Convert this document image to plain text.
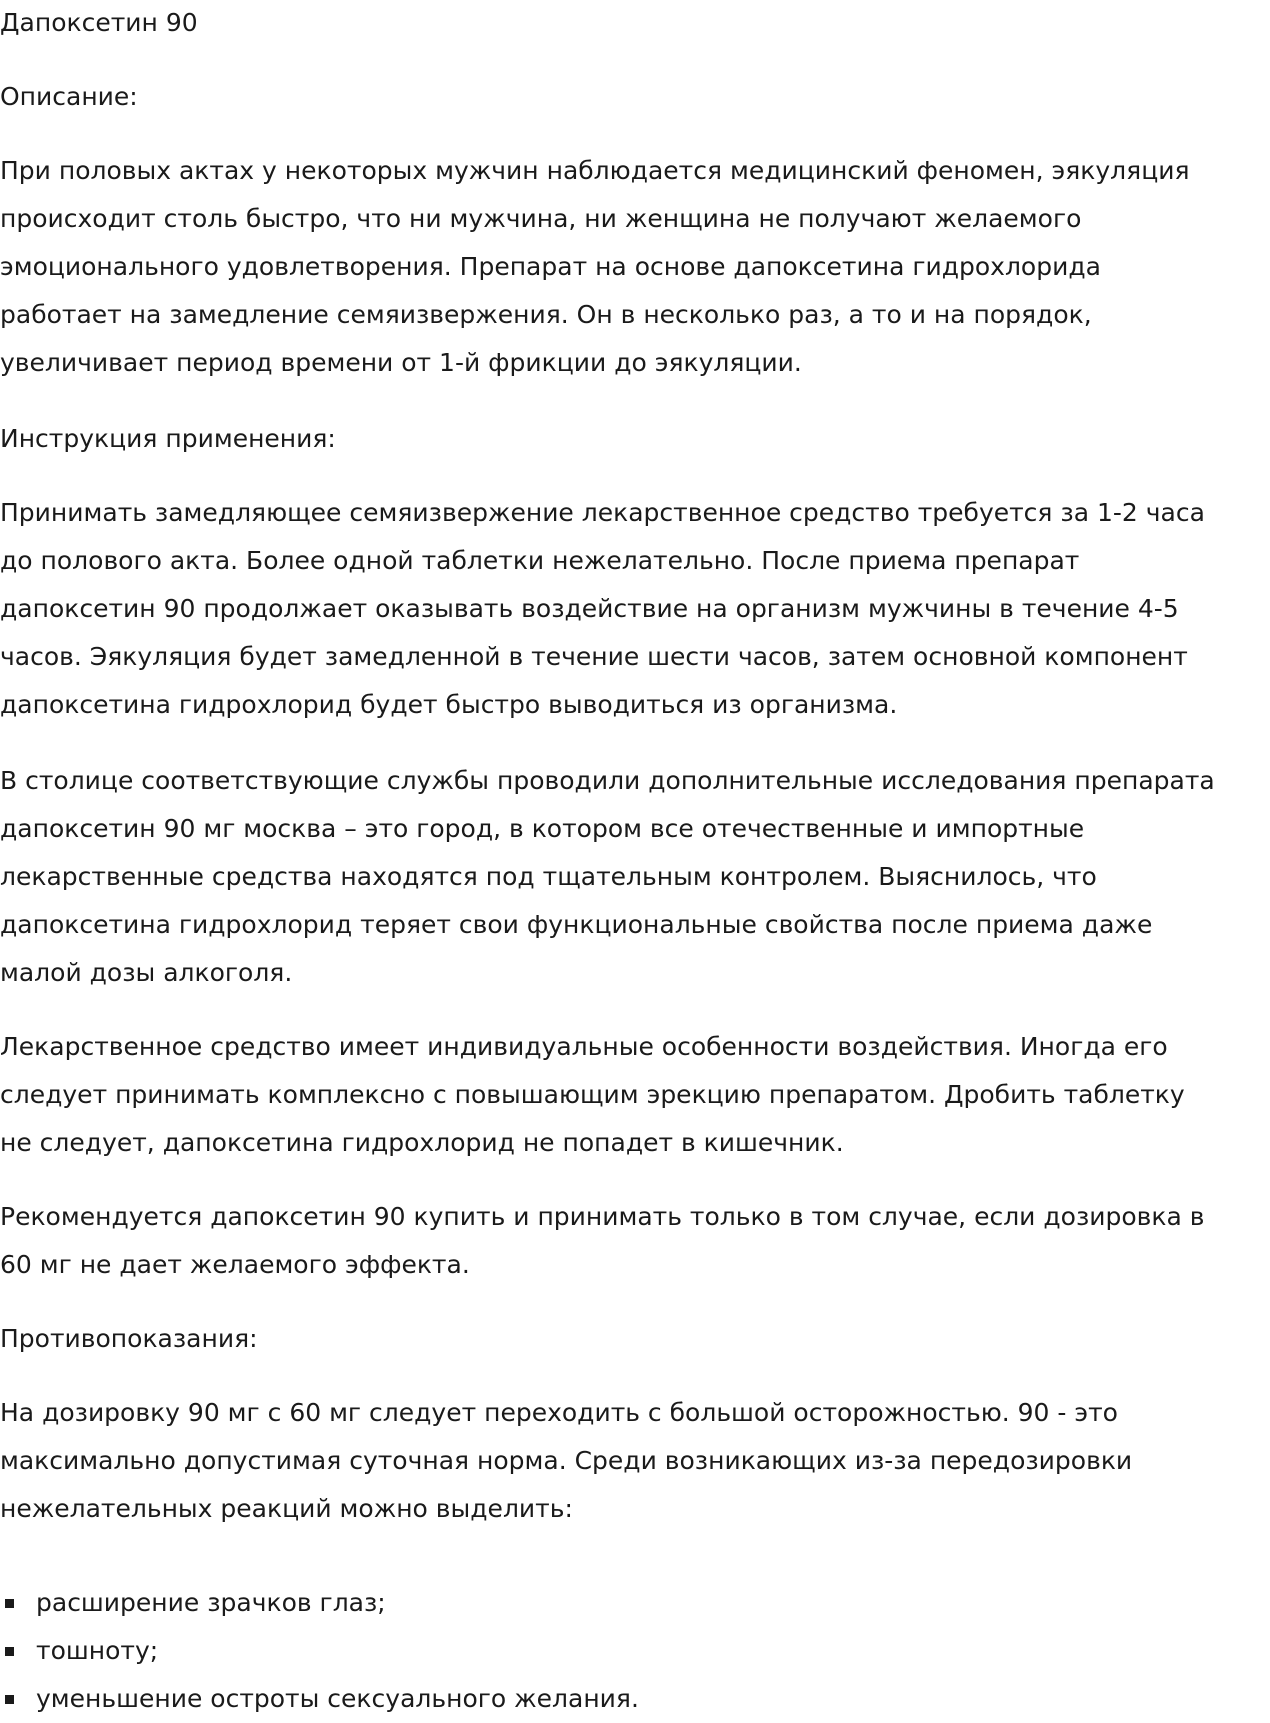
Дапоксетин 90
Описание:
При половых актах у некоторых мужчин наблюдается медицинский феномен, эякуляция
происходит столь быстро, что ни мужчина, ни женщина не получают желаемого
эмоционального удовлетворения. Препарат на основе дапоксетина гидрохлорида
работает на замедление семяизвержения. Он в несколько раз, а то и на порядок,
увеличивает период времени от 1-й фрикции до эякуляции.
Инструкция применения:
Принимать замедляющее семяизвержение лекарственное средство требуется за 1-2 часа
до полового акта. Более одной таблетки нежелательно. После приема препарат
дапоксетин 90 продолжает оказывать воздействие на организм мужчины в течение 4-5
часов. Эякуляция будет замедленной в течение шести часов, затем основной компонент
дапоксетина гидрохлорид будет быстро выводиться из организма.
В столице соответствующие службы проводили дополнительные исследования препарата
дапоксетин 90 мг москва – это город, в котором все отечественные и импортные
лекарственные средства находятся под тщательным контролем. Выяснилось, что
дапоксетина гидрохлорид теряет свои функциональные свойства после приема даже
малой дозы алкоголя.
Лекарственное средство имеет индивидуальные особенности воздействия. Иногда его
следует принимать комплексно с повышающим эрекцию препаратом. Дробить таблетку
не следует, дапоксетина гидрохлорид не попадет в кишечник.
Рекомендуется дапоксетин 90 купить и принимать только в том случае, если дозировка в
60 мг не дает желаемого эффекта.
Противопоказания:
На дозировку 90 мг с 60 мг следует переходить с большой осторожностью. 90 - это
максимально допустимая суточная норма. Среди возникающих из-за передозировки
нежелательных реакций можно выделить:
расширение зрачков глаз;
тошноту;
уменьшение остроты сексуального желания.
